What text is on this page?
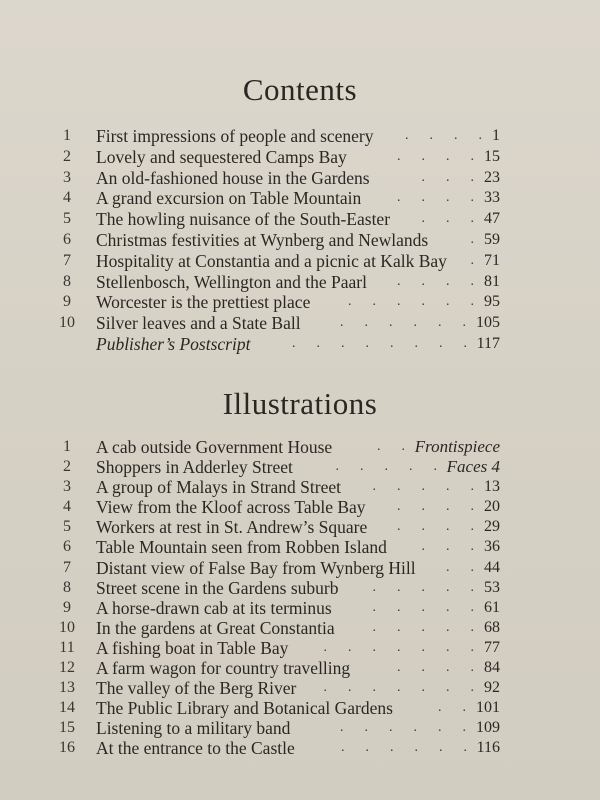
Contents
1	First impressions of people and scenery	.   .   .   . 1
2	Lovely and sequestered Camps Bay	.   .   .   . 15
3	An old-fashioned house in the Gardens	.   .   . 23
4	A grand excursion on Table Mountain	.   .   .   . 33
5	The howling nuisance of the South-Easter	.   .   . 47
6	Christmas festivities at Wynberg and Newlands	. 59
7	Hospitality at Constantia and a picnic at Kalk Bay	. 71
8	Stellenbosch, Wellington and the Paarl	.   .   .   . 81
9	Worcester is the prettiest place	.   .   .   .   .   . 95
10	Silver leaves and a State Ball	.   .   .   .   .   . 105
Publisher’s Postscript	.   .   .   .   .   .   .   . 117
Illustrations
1	A cab outside Government House	.   . Frontispiece
2	Shoppers in Adderley Street	.   .   .   .   . Faces 4
3	A group of Malays in Strand Street	.   .   .   .   . 13
4	View from the Kloof across Table Bay	.   .   .   . 20
5	Workers at rest in St. Andrew’s Square	.   .   .   . 29
6	Table Mountain seen from Robben Island	.   .   . 36
7	Distant view of False Bay from Wynberg Hill	.   . 44
8	Street scene in the Gardens suburb	.   .   .   .   . 53
9	A horse-drawn cab at its terminus	.   .   .   .   . 61
10	In the gardens at Great Constantia	.   .   .   .   . 68
11	A fishing boat in Table Bay	.   .   .   .   .   .   . 77
12	A farm wagon for country travelling	.   .   .   . 84
13	The valley of the Berg River	.   .   .   .   .   .   . 92
14	The Public Library and Botanical Gardens	.   . 101
15	Listening to a military band	.   .   .   .   .   . 109
16	At the entrance to the Castle	.   .   .   .   .   . 116
